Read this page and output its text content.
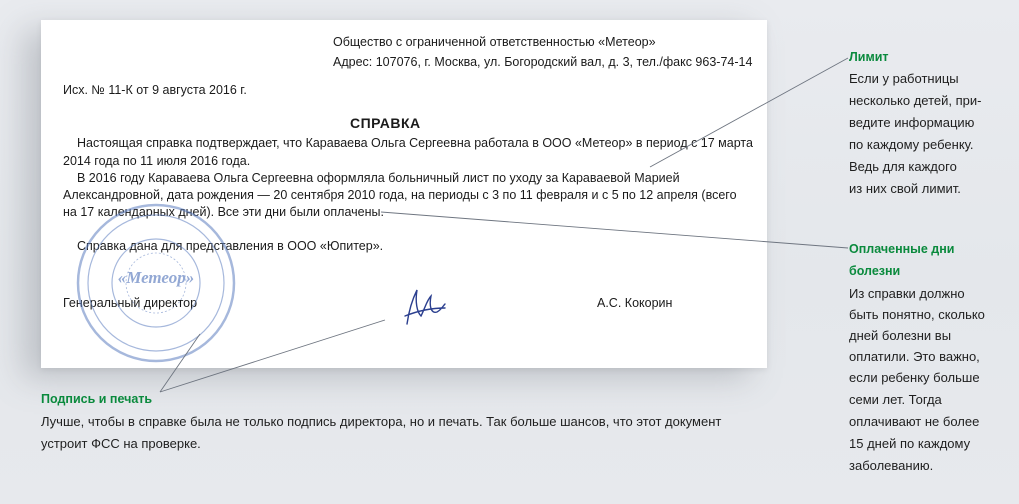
Общество с ограниченной ответственностью «Метеор»
Адрес: 107076, г. Москва, ул. Богородский вал, д. 3, тел./факс 963-74-14
Исх. № 11-К от 9 августа 2016 г.
СПРАВКА
Настоящая справка подтверждает, что Караваева Ольга Сергеевна работала в ООО «Метеор» в период с 17 марта
2014 года по 11 июля 2016 года.
В 2016 году Караваева Ольга Сергеевна оформляла больничный лист по уходу за Караваевой Марией
Александровной, дата рождения — 20 сентября 2010 года, на периоды с 3 по 11 февраля и с 5 по 12 апреля (всего
на 17 календарных дней). Все эти дни были оплачены.
Справка дана для представления в ООО «Юпитер».
Генеральный директор	А.С. Кокорин
«Метеор»
Лимит
Если у работницы
несколько детей, при-
ведите информацию
по каждому ребенку.
Ведь для каждого
из них свой лимит.
Оплаченные дни
болезни
Из справки должно
быть понятно, сколько
дней болезни вы
оплатили. Это важно,
если ребенку больше
семи лет. Тогда
оплачивают не более
15 дней по каждому
заболеванию.
Подпись и печать
Лучше, чтобы в справке была не только подпись директора, но и печать. Так больше шансов, что этот документ
устроит ФСС на проверке.
